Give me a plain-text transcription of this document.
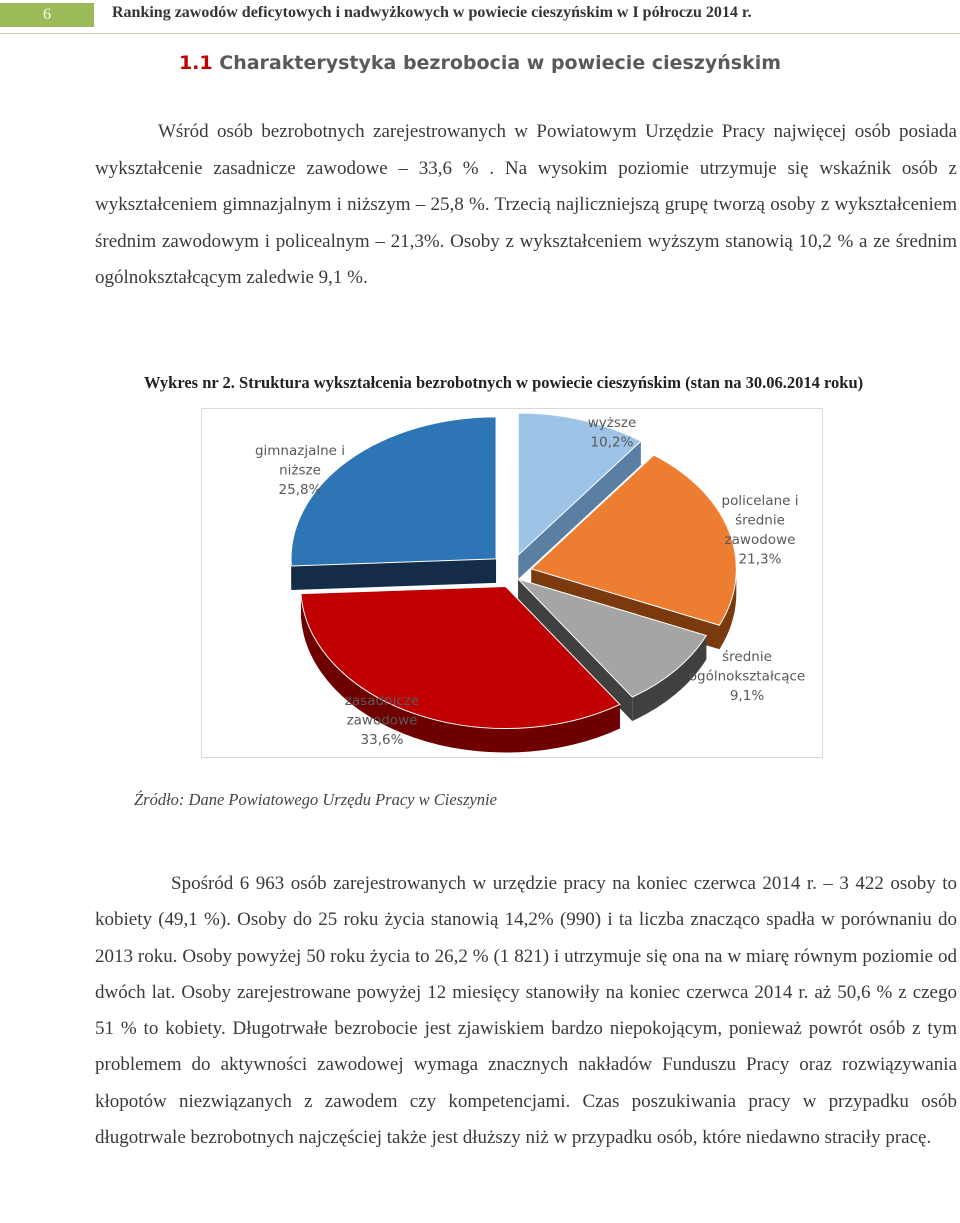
6	Ranking zawodów deficytowych i nadwyżkowych w powiecie cieszyńskim w I półroczu 2014 r.
1.1 Charakterystyka bezrobocia w powiecie cieszyńskim

Wśród osób bezrobotnych zarejestrowanych w Powiatowym Urzędzie Pracy najwięcej osób posiada wykształcenie zasadnicze zawodowe – 33,6 % . Na wysokim poziomie utrzymuje się wskaźnik osób z wykształceniem gimnazjalnym i niższym – 25,8 %. Trzecią najliczniejszą grupę tworzą osoby z wykształceniem średnim zawodowym i policealnym – 21,3%. Osoby z wykształceniem wyższym stanowią 10,2 % a ze średnim ogólnokształcącym zaledwie 9,1 %.

Wykres nr 2. Struktura wykształcenia bezrobotnych w powiecie cieszyńskim (stan na 30.06.2014 roku)
wyższe 10,2%
policelane i średnie zawodowe 21,3%
średnie ogólnokształcące 9,1%
zasadnicze zawodowe 33,6%
gimnazjalne i niższe 25,8%
Źródło: Dane Powiatowego Urzędu Pracy w Cieszynie

Spośród 6 963 osób zarejestrowanych w urzędzie pracy na koniec czerwca 2014 r. – 3 422 osoby to kobiety (49,1 %). Osoby do 25 roku życia stanowią 14,2% (990) i ta liczba znacząco spadła w porównaniu do 2013 roku. Osoby powyżej 50 roku życia to 26,2 % (1 821) i utrzymuje się ona na w miarę równym poziomie od dwóch lat. Osoby zarejestrowane powyżej 12 miesięcy stanowiły na koniec czerwca 2014 r. aż 50,6 % z czego 51 % to kobiety. Długotrwałe bezrobocie jest zjawiskiem bardzo niepokojącym, ponieważ powrót osób z tym problemem do aktywności zawodowej wymaga znacznych nakładów Funduszu Pracy oraz rozwiązywania kłopotów niezwiązanych z zawodem czy kompetencjami. Czas poszukiwania pracy w przypadku osób długotrwale bezrobotnych najczęściej także jest dłuższy niż w przypadku osób, które niedawno straciły pracę.
